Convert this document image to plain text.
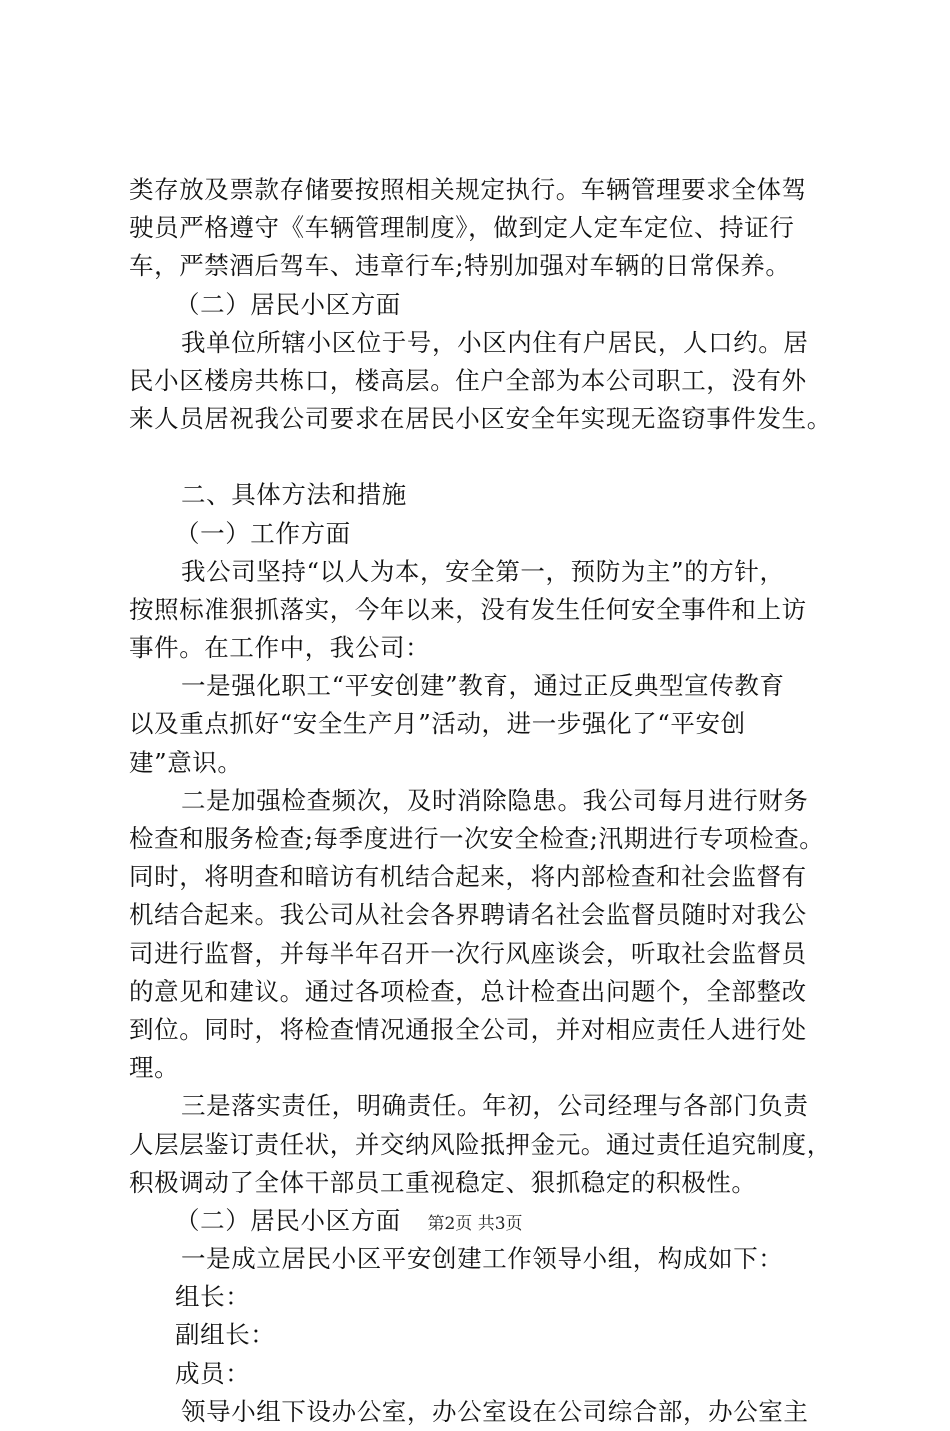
类存放及票款存储要按照相关规定执行。车辆管理要求全体驾
驶员严格遵守《车辆管理制度》，做到定人定车定位、持证行
车，严禁酒后驾车、违章行车;特别加强对车辆的日常保养。
（二）居民小区方面
我单位所辖小区位于号，小区内住有户居民，人口约。居
民小区楼房共栋口，楼高层。住户全部为本公司职工，没有外
来人员居祝我公司要求在居民小区安全年实现无盗窃事件发生。
二、具体方法和措施
（一）工作方面
我公司坚持“以人为本，安全第一，预防为主”的方针，
按照标准狠抓落实，今年以来，没有发生任何安全事件和上访
事件。在工作中，我公司：
一是强化职工“平安创建”教育，通过正反典型宣传教育
以及重点抓好“安全生产月”活动，进一步强化了“平安创
建”意识。
二是加强检查频次，及时消除隐患。我公司每月进行财务
检查和服务检查;每季度进行一次安全检查;汛期进行专项检查。
同时，将明查和暗访有机结合起来，将内部检查和社会监督有
机结合起来。我公司从社会各界聘请名社会监督员随时对我公
司进行监督，并每半年召开一次行风座谈会，听取社会监督员
的意见和建议。通过各项检查，总计检查出问题个，全部整改
到位。同时，将检查情况通报全公司，并对相应责任人进行处
理。
三是落实责任，明确责任。年初，公司经理与各部门负责
人层层鉴订责任状，并交纳风险抵押金元。通过责任追究制度，
积极调动了全体干部员工重视稳定、狠抓稳定的积极性。
（二）居民小区方面
一是成立居民小区平安创建工作领导小组，构成如下：
组长：
副组长：
成员：
领导小组下设办公室，办公室设在公司综合部，办公室主
第2页 共3页
